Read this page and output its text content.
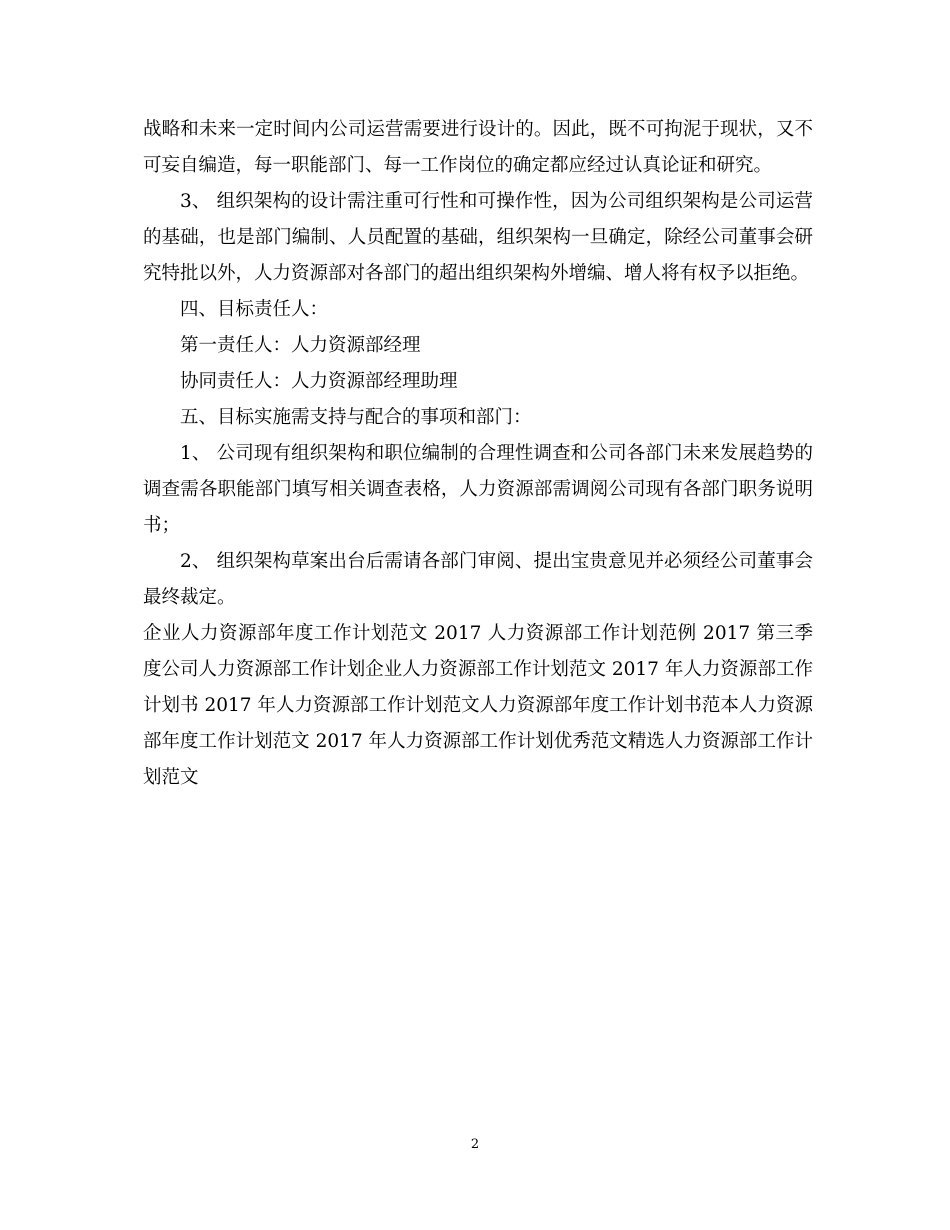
战略和未来一定时间内公司运营需要进行设计的。因此，既不可拘泥于现状，又不可妄自编造，每一职能部门、每一工作岗位的确定都应经过认真论证和研究。

3、 组织架构的设计需注重可行性和可操作性，因为公司组织架构是公司运营的基础，也是部门编制、人员配置的基础，组织架构一旦确定，除经公司董事会研究特批以外，人力资源部对各部门的超出组织架构外增编、增人将有权予以拒绝。

四、目标责任人：

第一责任人：人力资源部经理

协同责任人：人力资源部经理助理

五、目标实施需支持与配合的事项和部门：

1、 公司现有组织架构和职位编制的合理性调查和公司各部门未来发展趋势的调查需各职能部门填写相关调查表格，人力资源部需调阅公司现有各部门职务说明书；

2、 组织架构草案出台后需请各部门审阅、提出宝贵意见并必须经公司董事会最终裁定。

企业人力资源部年度工作计划范文 2017 人力资源部工作计划范例 2017 第三季度公司人力资源部工作计划企业人力资源部工作计划范文 2017 年人力资源部工作计划书 2017 年人力资源部工作计划范文人力资源部年度工作计划书范本人力资源部年度工作计划范文 2017 年人力资源部工作计划优秀范文精选人力资源部工作计划范文

2
